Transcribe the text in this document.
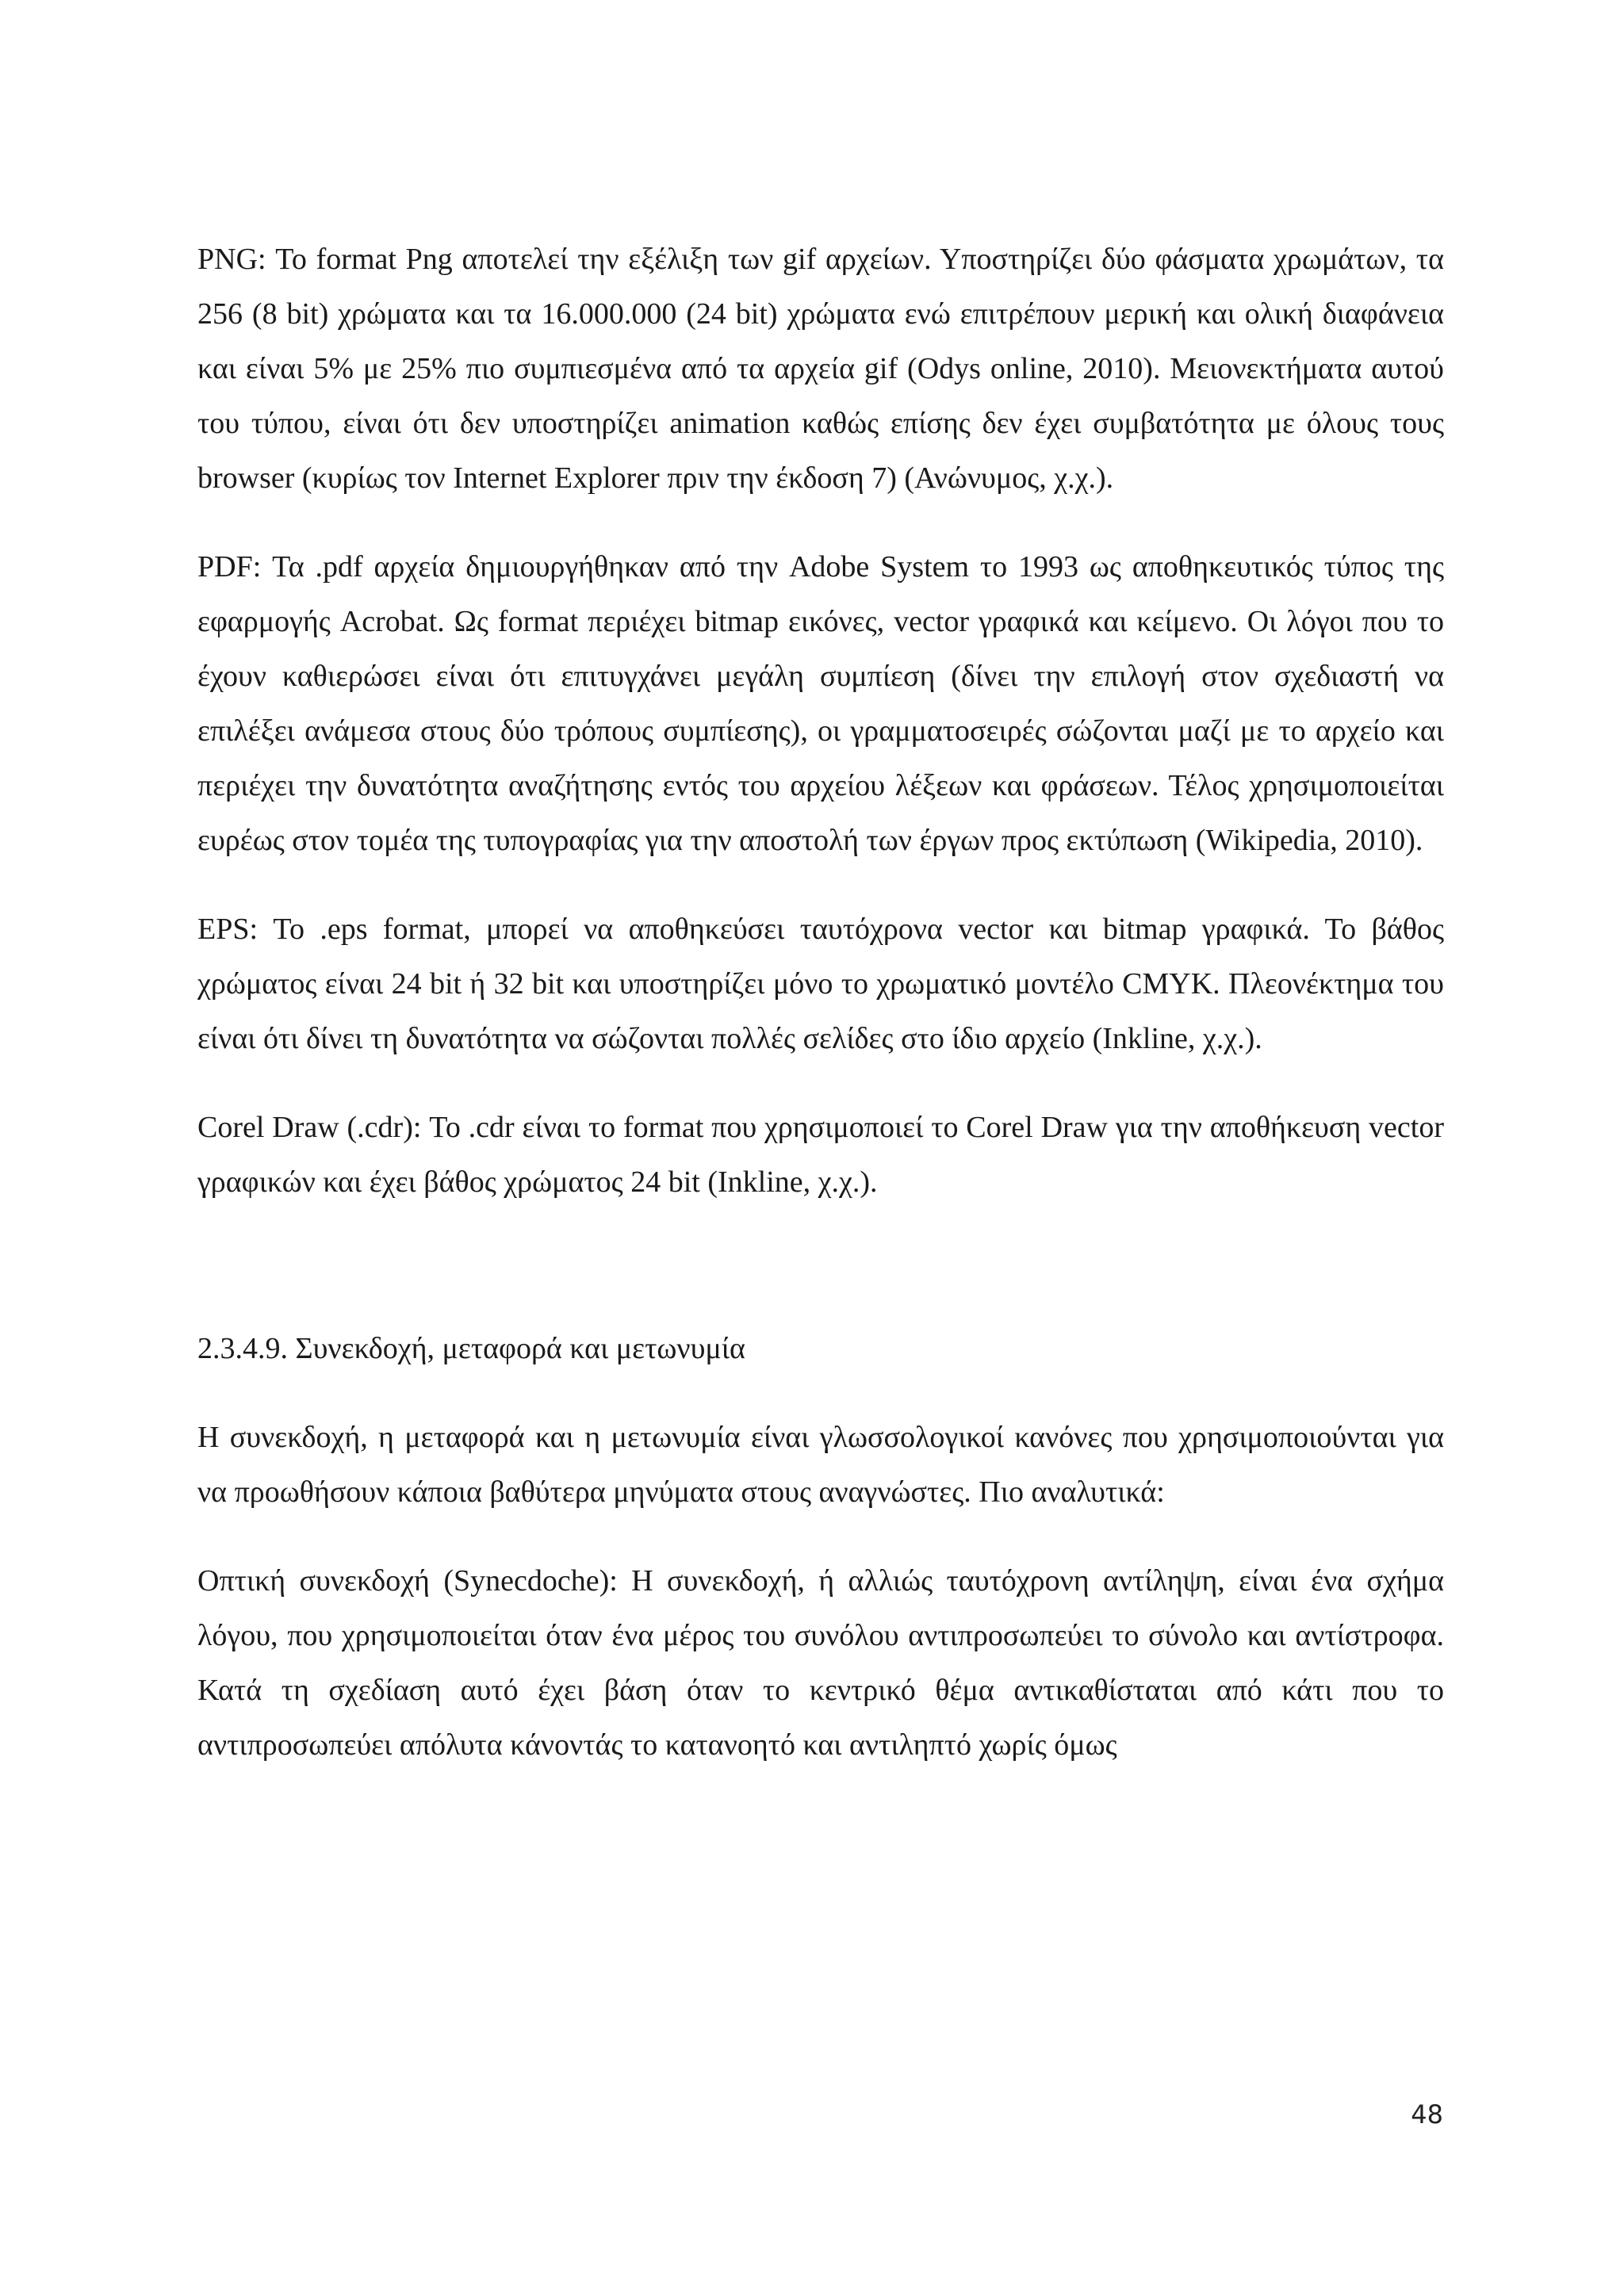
PNG: Το format Png αποτελεί την εξέλιξη των gif αρχείων. Υποστηρίζει δύο φάσματα χρωμάτων, τα 256 (8 bit) χρώματα και τα 16.000.000 (24 bit) χρώματα ενώ επιτρέπουν μερική και ολική διαφάνεια και είναι 5% με 25% πιο συμπιεσμένα από τα αρχεία gif (Odys online, 2010). Μειονεκτήματα αυτού του τύπου, είναι ότι δεν υποστηρίζει animation καθώς επίσης δεν έχει συμβατότητα με όλους τους browser (κυρίως τον Internet Explorer πριν την έκδοση 7) (Ανώνυμος, χ.χ.).

PDF: Τα .pdf αρχεία δημιουργήθηκαν από την Adobe System το 1993 ως αποθηκευτικός τύπος της εφαρμογής Acrobat. Ως format περιέχει bitmap εικόνες, vector γραφικά και κείμενο. Οι λόγοι που το έχουν καθιερώσει είναι ότι επιτυγχάνει μεγάλη συμπίεση (δίνει την επιλογή στον σχεδιαστή να επιλέξει ανάμεσα στους δύο τρόπους συμπίεσης), οι γραμματοσειρές σώζονται μαζί με το αρχείο και περιέχει την δυνατότητα αναζήτησης εντός του αρχείου λέξεων και φράσεων. Τέλος χρησιμοποιείται ευρέως στον τομέα της τυπογραφίας για την αποστολή των έργων προς εκτύπωση (Wikipedia, 2010).

EPS: Το .eps format, μπορεί να αποθηκεύσει ταυτόχρονα vector και bitmap γραφικά. Το βάθος χρώματος είναι 24 bit ή 32 bit και υποστηρίζει μόνο το χρωματικό μοντέλο CMYK. Πλεονέκτημα του είναι ότι δίνει τη δυνατότητα να σώζονται πολλές σελίδες στο ίδιο αρχείο (Inkline, χ.χ.).

Corel Draw (.cdr): Το .cdr είναι το format που χρησιμοποιεί το Corel Draw για την αποθήκευση vector γραφικών και έχει βάθος χρώματος 24 bit (Inkline, χ.χ.).

2.3.4.9. Συνεκδοχή, μεταφορά και μετωνυμία

Η συνεκδοχή, η μεταφορά και η μετωνυμία είναι γλωσσολογικοί κανόνες που χρησιμοποιούνται για να προωθήσουν κάποια βαθύτερα μηνύματα στους αναγνώστες. Πιο αναλυτικά:

Οπτική συνεκδοχή (Synecdoche): Η συνεκδοχή, ή αλλιώς ταυτόχρονη αντίληψη, είναι ένα σχήμα λόγου, που χρησιμοποιείται όταν ένα μέρος του συνόλου αντιπροσωπεύει το σύνολο και αντίστροφα. Κατά τη σχεδίαση αυτό έχει βάση όταν το κεντρικό θέμα αντικαθίσταται από κάτι που το αντιπροσωπεύει απόλυτα κάνοντάς το κατανοητό και αντιληπτό χωρίς όμως

48
